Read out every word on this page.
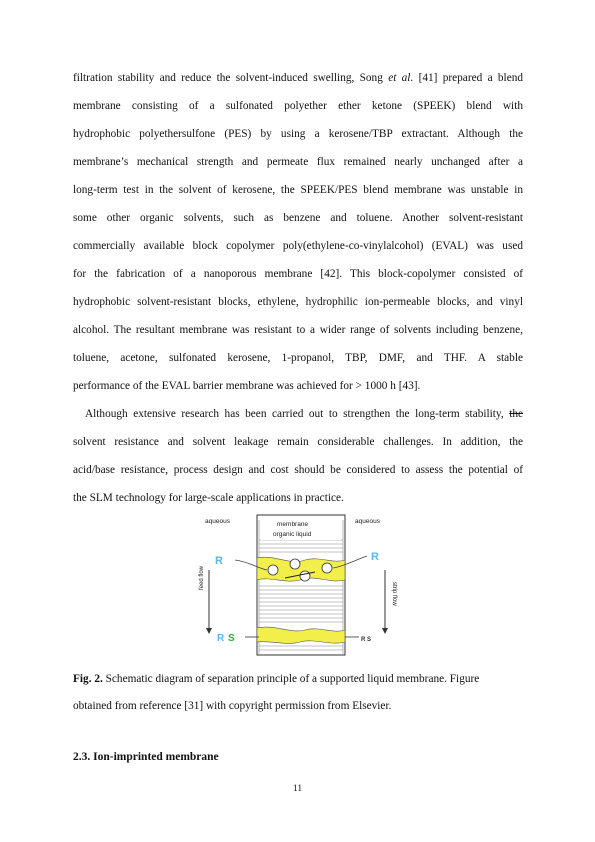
filtration stability and reduce the solvent-induced swelling, Song et al. [41] prepared a blend
membrane consisting of a sulfonated polyether ether ketone (SPEEK) blend with
hydrophobic polyethersulfone (PES) by using a kerosene/TBP extractant. Although the
membrane’s mechanical strength and permeate flux remained nearly unchanged after a
long-term test in the solvent of kerosene, the SPEEK/PES blend membrane was unstable in
some other organic solvents, such as benzene and toluene. Another solvent-resistant
commercially available block copolymer poly(ethylene-co-vinylalcohol) (EVAL) was used
for the fabrication of a nanoporous membrane [42]. This block-copolymer consisted of
hydrophobic solvent-resistant blocks, ethylene, hydrophilic ion-permeable blocks, and vinyl
alcohol. The resultant membrane was resistant to a wider range of solvents including benzene,
toluene, acetone, sulfonated kerosene, 1-propanol, TBP, DMF, and THF. A stable
performance of the EVAL barrier membrane was achieved for > 1000 h [43].
Although extensive research has been carried out to strengthen the long-term stability, the
solvent resistance and solvent leakage remain considerable challenges. In addition, the
acid/base resistance, process design and cost should be considered to assess the potential of
the SLM technology for large-scale applications in practice.
aqueous	membrane
organic liquid
aqueous
R	R
R S	R S
feed flow
strip flow
Fig. 2. Schematic diagram of separation principle of a supported liquid membrane. Figure
obtained from reference [31] with copyright permission from Elsevier.
2.3. Ion-imprinted membrane
11
